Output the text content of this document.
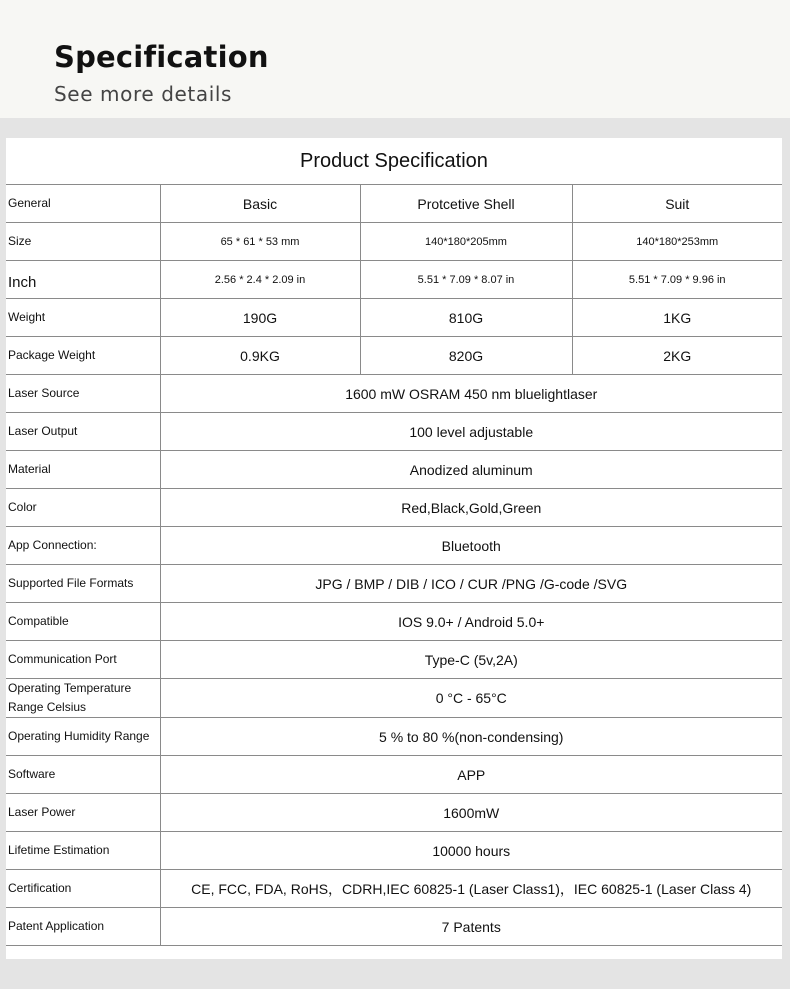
Specification
See more details
Product Specification
General	Basic	Protcetive Shell	Suit
Size	65 * 61 * 53 mm	140*180*205mm	140*180*253mm
Inch	2.56 * 2.4 * 2.09 in	5.51 * 7.09 * 8.07 in	5.51 * 7.09 * 9.96 in
Weight	190G	810G	1KG
Package Weight	0.9KG	820G	2KG
Laser Source	1600 mW OSRAM 450 nm bluelightlaser		
Laser Output	100 level adjustable		
Material	Anodized aluminum		
Color	Red,Black,Gold,Green		
App Connection:	Bluetooth		
Supported File Formats	JPG / BMP / DIB / ICO / CUR /PNG /G-code /SVG		
Compatible	IOS 9.0+ / Android 5.0+		
Communication Port	Type-C (5v,2A)		
Operating Temperature Range Celsius	0 °C - 65°C		
Operating Humidity Range	5 % to 80 %(non-condensing)		
Software	APP		
Laser Power	1600mW		
Lifetime Estimation	10000 hours		
Certification	CE, FCC, FDA, RoHS，CDRH,IEC 60825-1 (Laser Class1)，IEC 60825-1 (Laser Class 4)		
Patent Application	7 Patents		
